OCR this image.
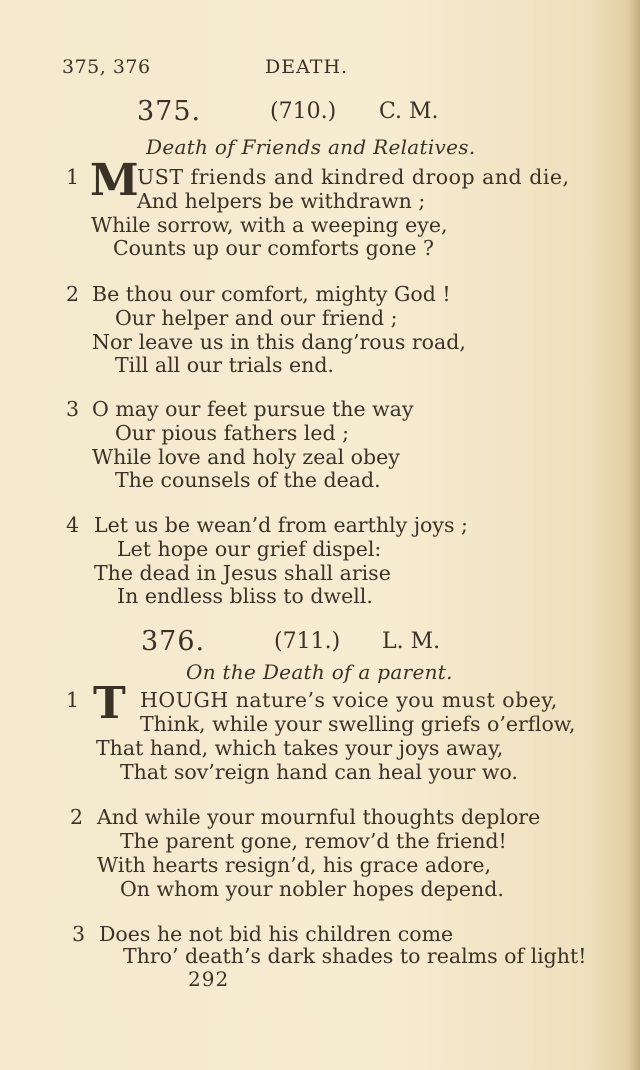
375, 376	DEATH.
375.	(710.) C. M.
Death of Friends and Relatives.
1 M
UST friends and kindred droop and die,
And helpers be withdrawn ;
While sorrow, with a weeping eye,
Counts up our comforts gone ?
2 Be thou our comfort, mighty God !
Our helper and our friend ;
Nor leave us in this dang’rous road,
Till all our trials end.
3 O may our feet pursue the way
Our pious fathers led ;
While love and holy zeal obey
The counsels of the dead.
4 Let us be wean’d from earthly joys ;
Let hope our grief dispel:
The dead in Jesus shall arise
In endless bliss to dwell.
376.	(711.) L. M.
On the Death of a parent.
1 T HOUGH nature’s voice you must obey,
Think, while your swelling griefs o’erflow,
That hand, which takes your joys away,
That sov’reign hand can heal your wo.
2 And while your mournful thoughts deplore
The parent gone, remov’d the friend!
With hearts resign’d, his grace adore,
On whom your nobler hopes depend.
3 Does he not bid his children come
Thro’ death’s dark shades to realms of light!
292
